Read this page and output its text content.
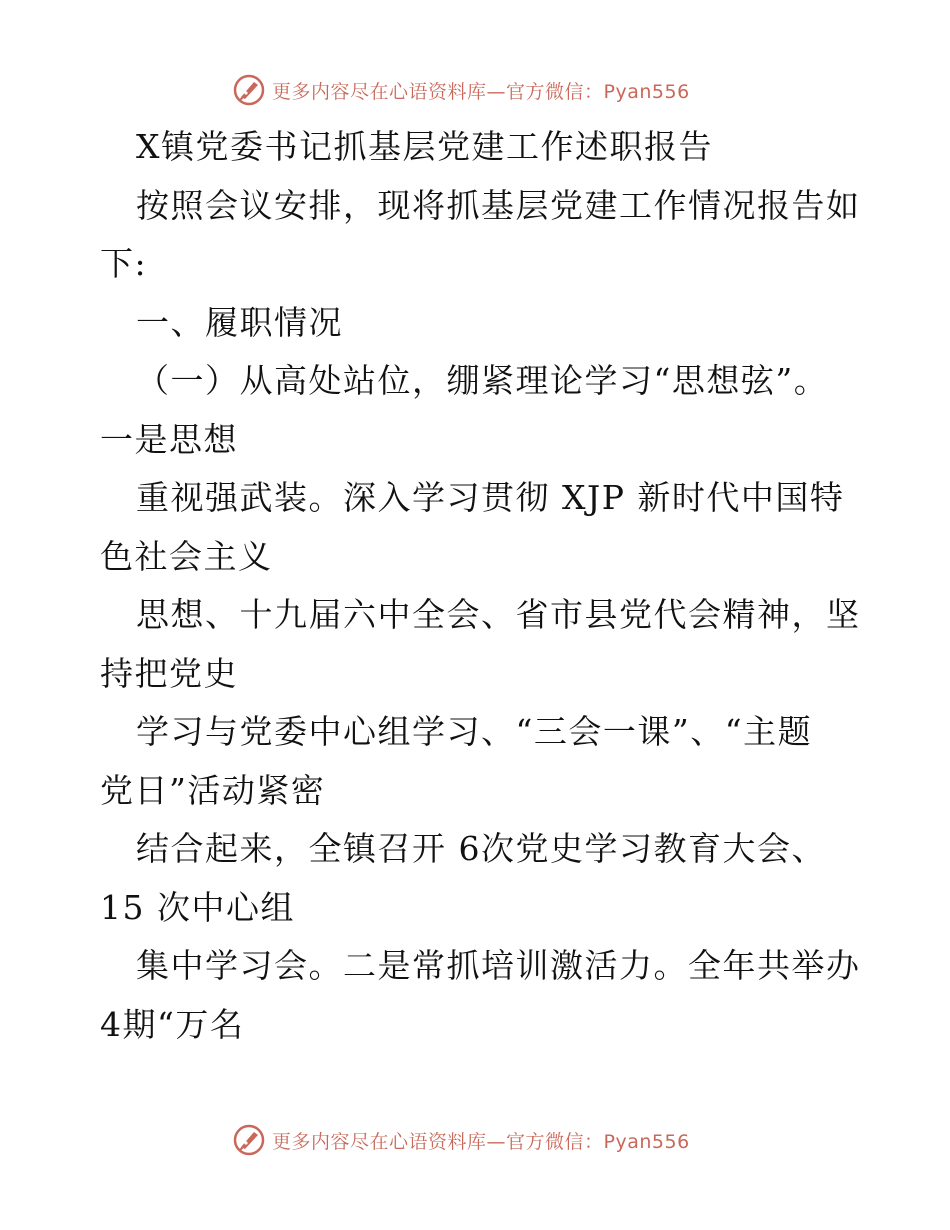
更多内容尽在心语资料库—官方微信：Pyan556
X镇党委书记抓基层党建工作述职报告
按照会议安排，现将抓基层党建工作情况报告如
下:
一、履职情况
（一）从高处站位，绷紧理论学习“思想弦”。
一是思想
重视强武装。深入学习贯彻 XJP 新时代中国特
色社会主义
思想、十九届六中全会、省市县党代会精神，坚
持把党史
学习与党委中心组学习、“三会一课”、“主题
党日”活动紧密
结合起来，全镇召开 6次党史学习教育大会、
15 次中心组
集中学习会。二是常抓培训激活力。全年共举办
4期“万名
更多内容尽在心语资料库—官方微信：Pyan556
